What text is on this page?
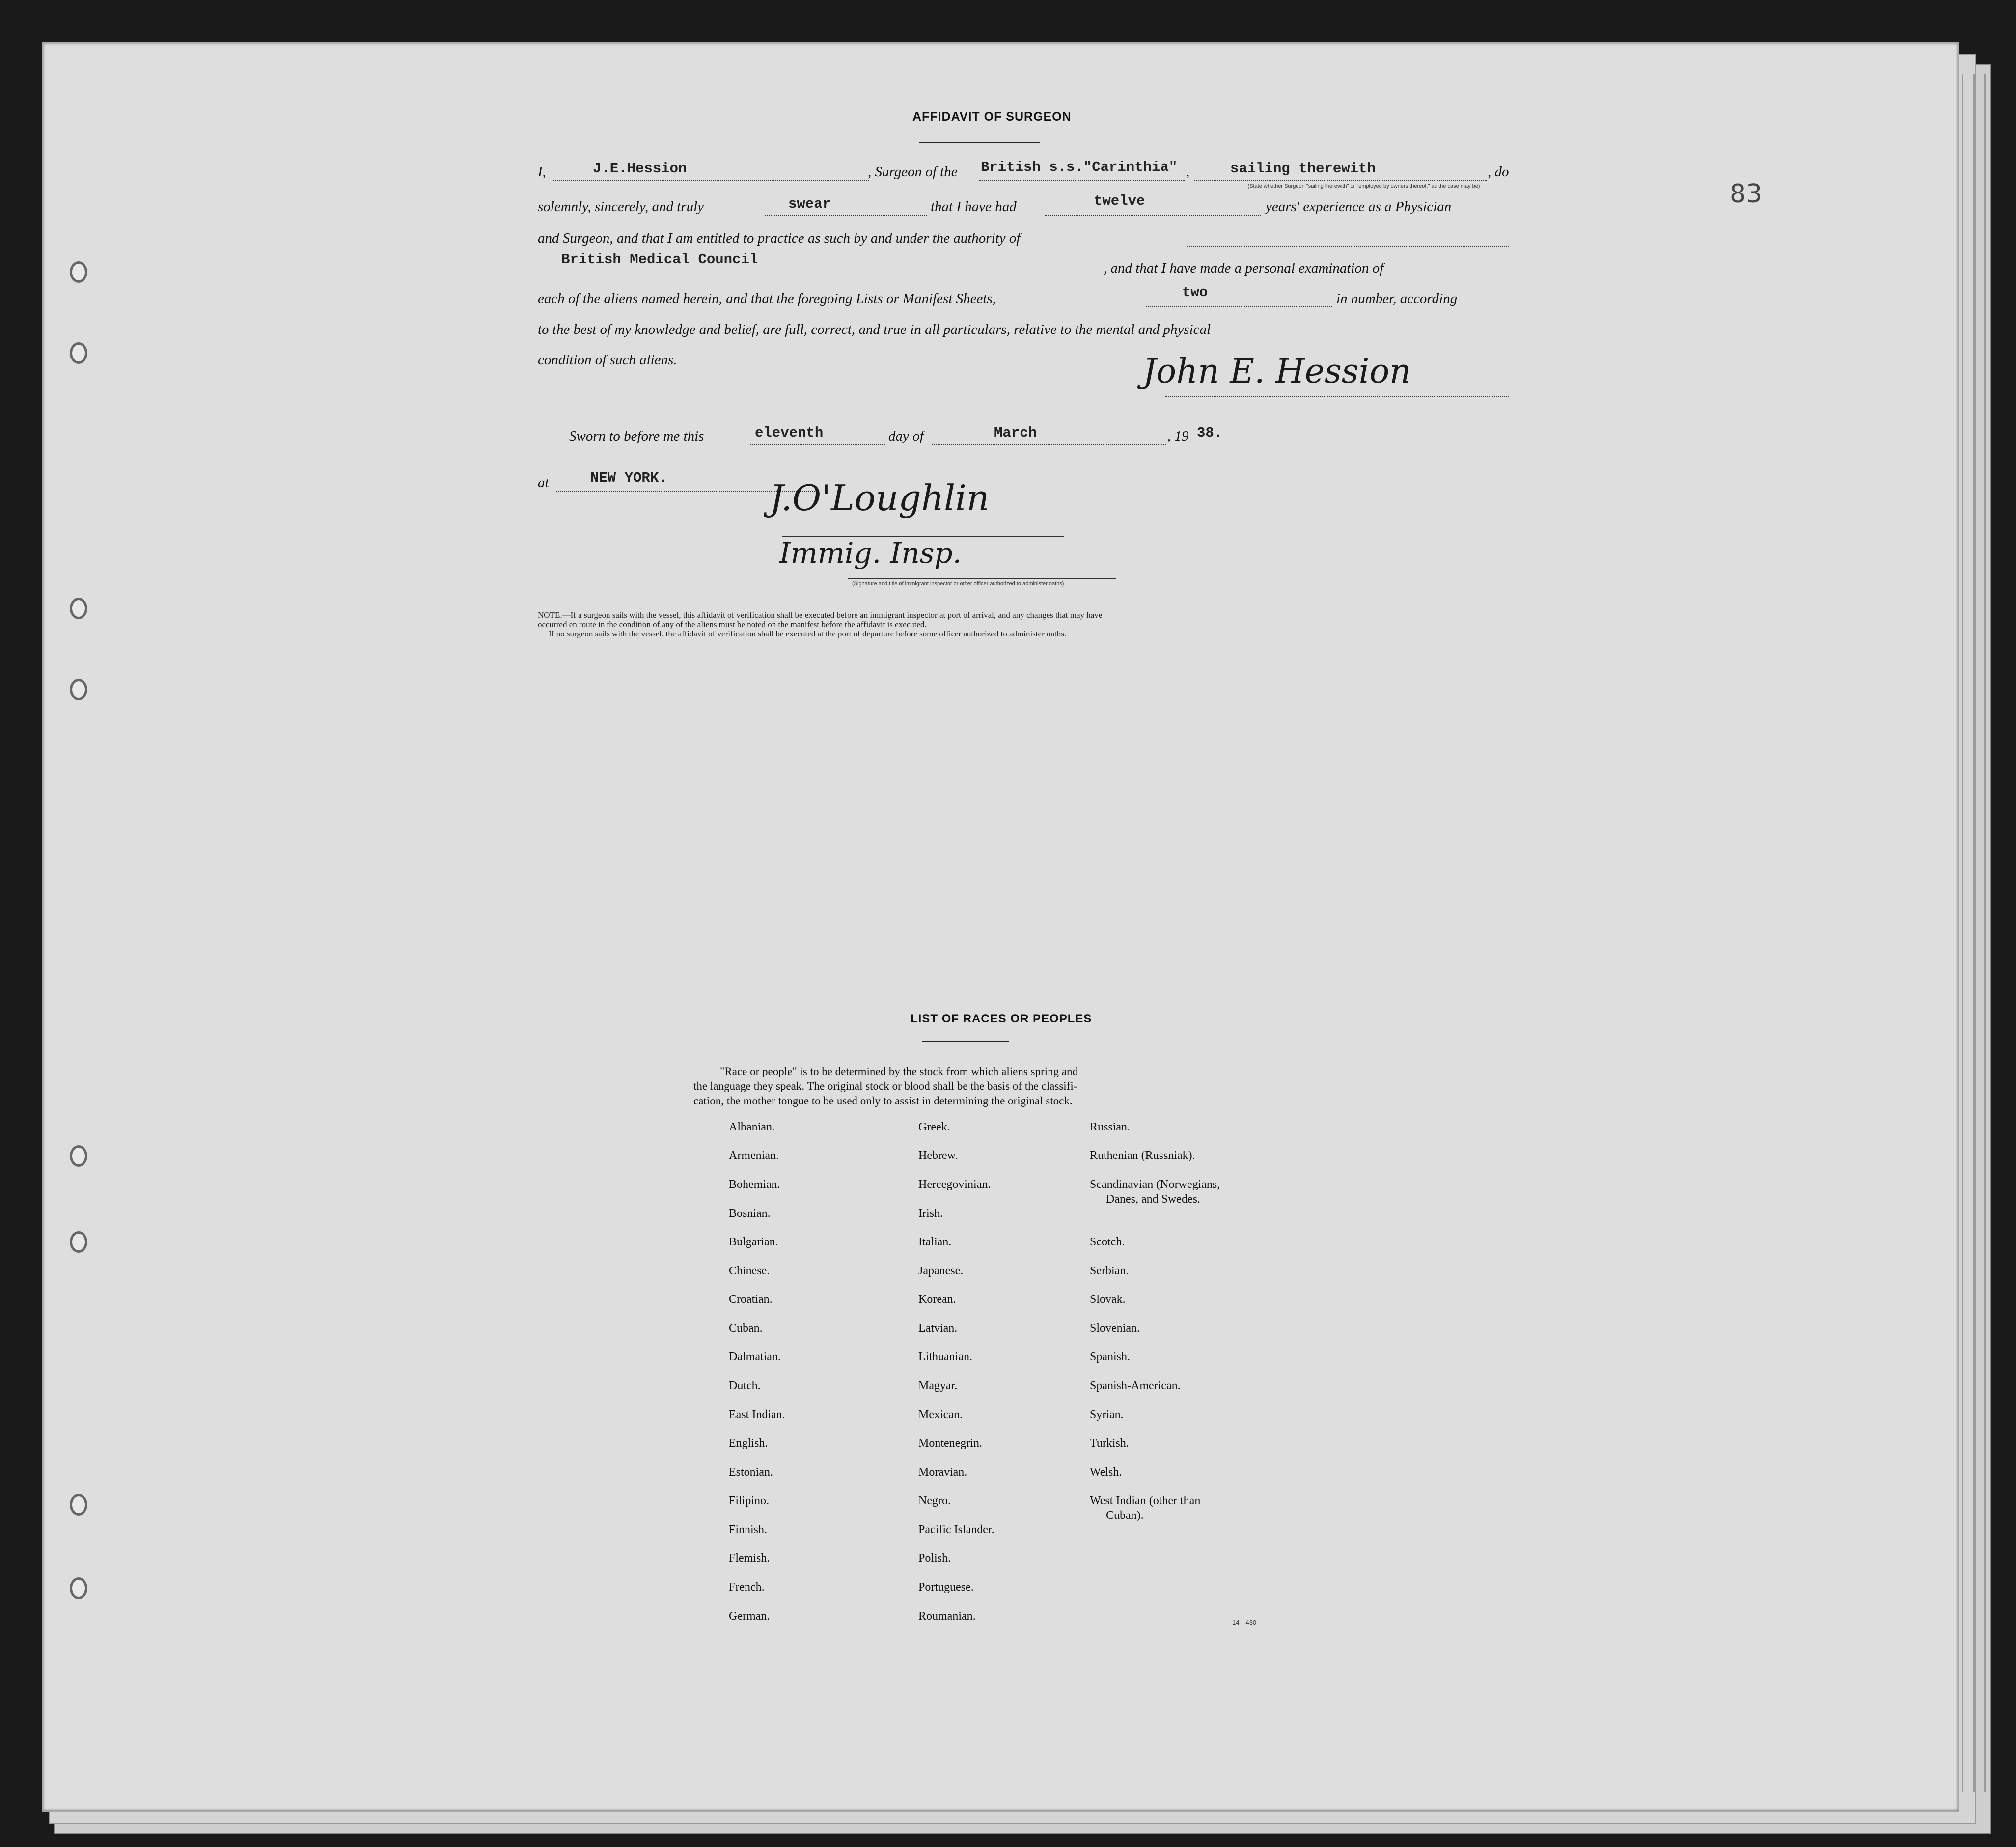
83
AFFIDAVIT OF SURGEON
I,	J.E.Hession	, Surgeon of the British s.s."Carinthia" ,	sailing therewith	, do
(State whether Surgeon "sailing therewith" or "employed by owners thereof," as the case may be)
solemnly, sincerely, and truly	swear	that I have had	twelve	years' experience as a Physician
and Surgeon, and that I am entitled to practice as such by and under the authority of
British Medical Council
, and that I have made a personal examination of
each of the aliens named herein, and that the foregoing Lists or Manifest Sheets,	two	in number, according
to the best of my knowledge and belief, are full, correct, and true in all particulars, relative to the mental and physical
condition of such aliens.	John E. Hession
Sworn to before me this	eleventh	day of	March	, 19 38.
at	NEW YORK.	J.O'Loughlin
Immig. Insp.
(Signature and title of immigrant inspector or other officer authorized to administer oaths)
NOTE.—If a surgeon sails with the vessel, this affidavit of verification shall be executed before an immigrant inspector at port of arrival, and any changes that may have
occurred en route in the condition of any of the aliens must be noted on the manifest before the affidavit is executed.
If no surgeon sails with the vessel, the affidavit of verification shall be executed at the port of departure before some officer authorized to administer oaths.
LIST OF RACES OR PEOPLES
"Race or people" is to be determined by the stock from which aliens spring and
the language they speak. The original stock or blood shall be the basis of the classifi-
cation, the mother tongue to be used only to assist in determining the original stock.
Albanian.
Armenian.
Bohemian.
Bosnian.
Bulgarian.
Chinese.
Croatian.
Cuban.
Dalmatian.
Dutch.
East Indian.
English.
Estonian.
Filipino.
Finnish.
Flemish.
French.
German.
Greek.
Hebrew.
Hercegovinian.
Irish.
Italian.
Japanese.
Korean.
Latvian.
Lithuanian.
Magyar.
Mexican.
Montenegrin.
Moravian.
Negro.
Pacific Islander.
Polish.
Portuguese.
Roumanian.
Russian.
Ruthenian (Russniak).
Scandinavian (Norwegians,
Danes, and Swedes.
Scotch.
Serbian.
Slovak.
Slovenian.
Spanish.
Spanish-American.
Syrian.
Turkish.
Welsh.
West Indian (other than
Cuban).
14—430
